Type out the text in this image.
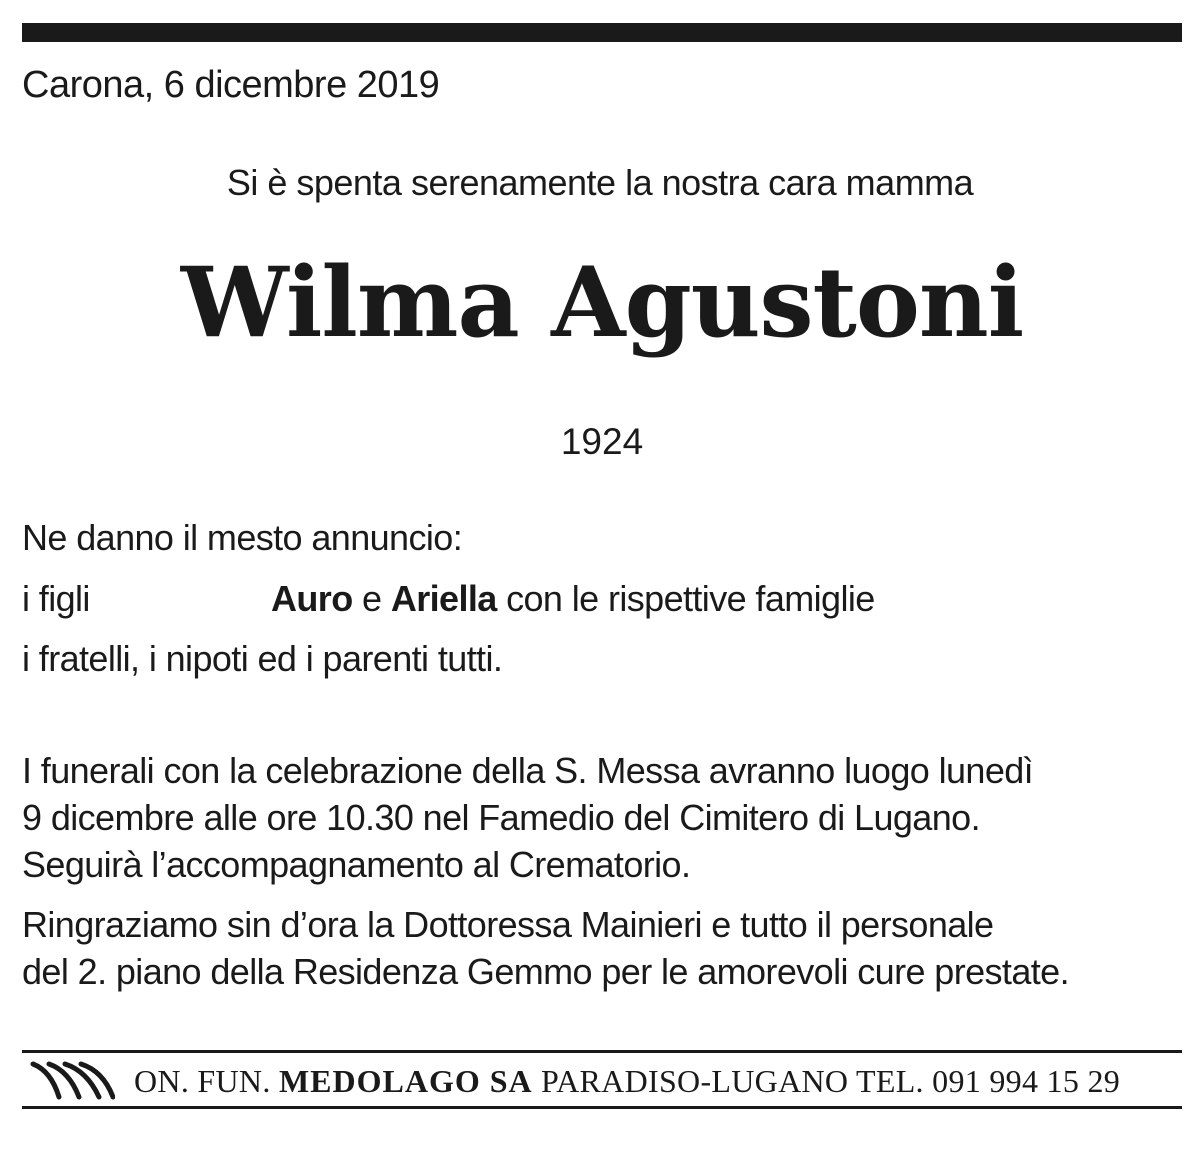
Carona, 6 dicembre 2019
Si è spenta serenamente la nostra cara mamma
Wilma Agustoni
1924
Ne danno il mesto annuncio:
i figli	Auro e Ariella con le rispettive famiglie
i fratelli, i nipoti ed i parenti tutti.
I funerali con la celebrazione della S. Messa avranno luogo lunedì
9 dicembre alle ore 10.30 nel Famedio del Cimitero di Lugano.
Seguirà l’accompagnamento al Crematorio.
Ringraziamo sin d’ora la Dottoressa Mainieri e tutto il personale
del 2. piano della Residenza Gemmo per le amorevoli cure prestate.
ON. FUN. MEDOLAGO SA PARADISO-LUGANO TEL. 091 994 15 29
